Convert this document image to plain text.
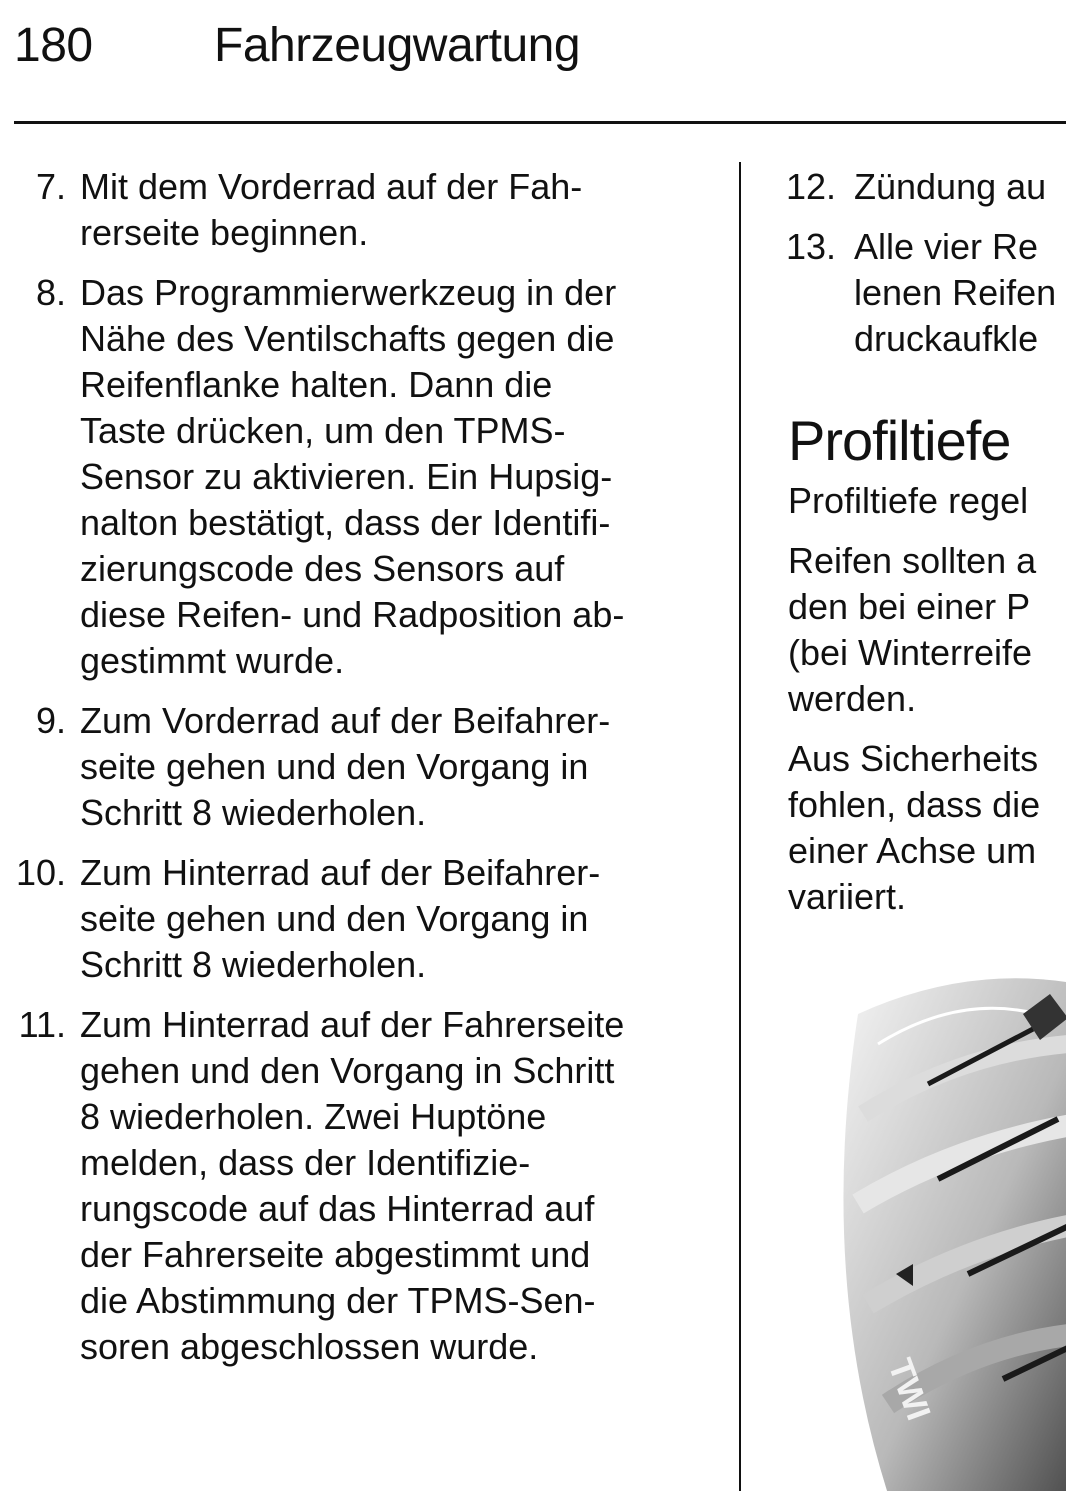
180	Fahrzeugwartung
7. Mit dem Vorderrad auf der Fah-
rerseite beginnen.
8. Das Programmierwerkzeug in der
Nähe des Ventilschafts gegen die
Reifenflanke halten. Dann die
Taste drücken, um den TPMS-
Sensor zu aktivieren. Ein Hupsig-
nalton bestätigt, dass der Identifi-
zierungscode des Sensors auf
diese Reifen- und Radposition ab-
gestimmt wurde.
9. Zum Vorderrad auf der Beifahrer-
seite gehen und den Vorgang in
Schritt 8 wiederholen.
10. Zum Hinterrad auf der Beifahrer-
seite gehen und den Vorgang in
Schritt 8 wiederholen.
11. Zum Hinterrad auf der Fahrerseite
gehen und den Vorgang in Schritt
8 wiederholen. Zwei Huptöne
melden, dass der Identifizie-
rungscode auf das Hinterrad auf
der Fahrerseite abgestimmt und
die Abstimmung der TPMS-Sen-
soren abgeschlossen wurde.
12. Zündung au
13. Alle vier Re
lenen Reifen
druckaufkle
Profiltiefe
Profiltiefe regel
Reifen sollten a
den bei einer P
(bei Winterreife
werden.
Aus Sicherheits
fohlen, dass die
einer Achse um
variiert.
TWI
